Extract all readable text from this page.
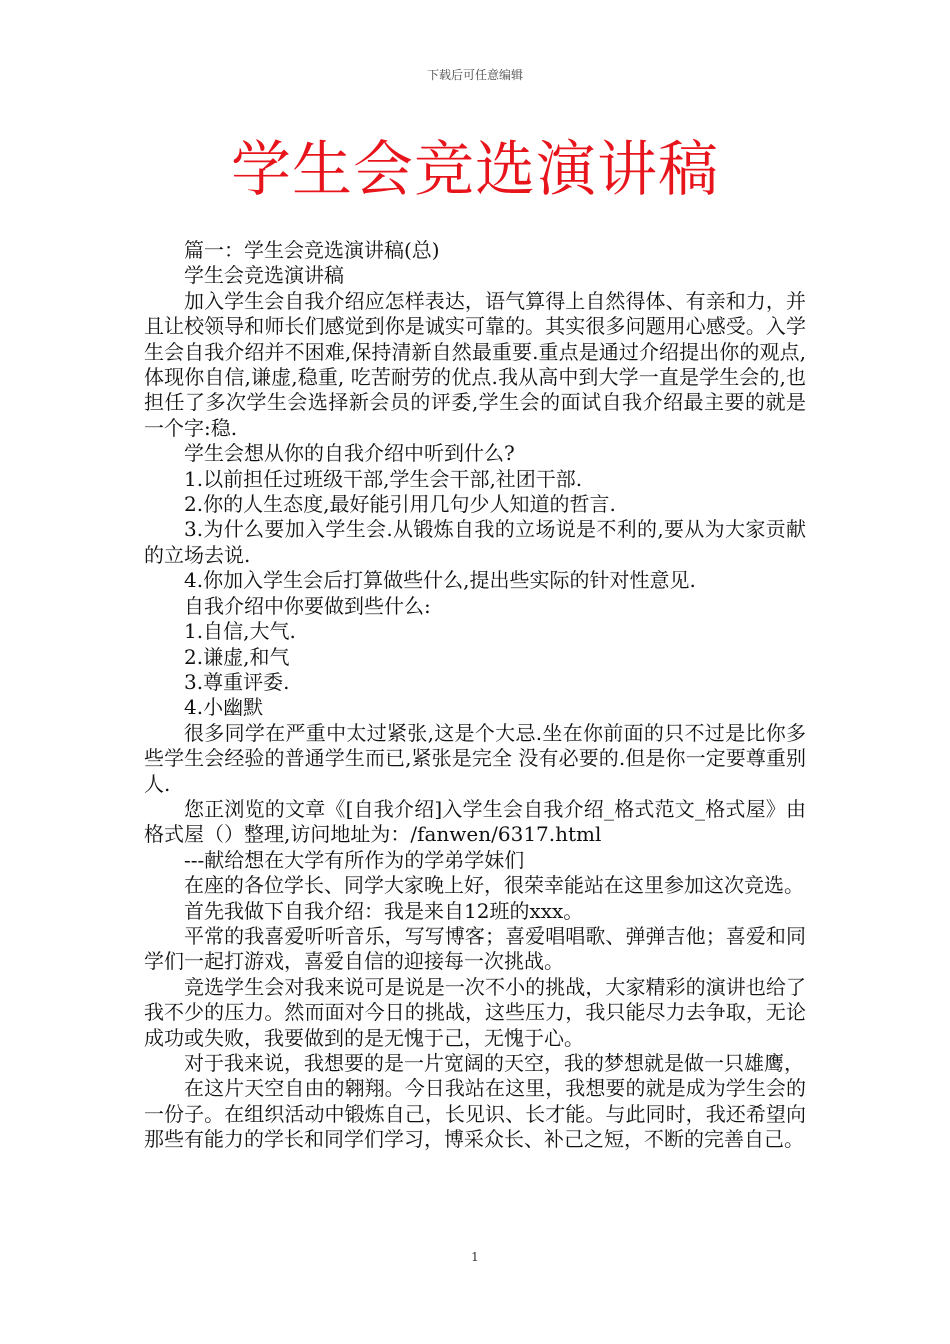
下载后可任意编辑
学生会竞选演讲稿

篇一：学生会竞选演讲稿(总)

学生会竞选演讲稿

加入学生会自我介绍应怎样表达，语气算得上自然得体、有亲和力，并且让校领导和师长们感觉到你是诚实可靠的。其实很多问题用心感受。入学生会自我介绍并不困难,保持清新自然最重要.重点是通过介绍提出你的观点,体现你自信,谦虚,稳重, 吃苦耐劳的优点.我从高中到大学一直是学生会的,也担任了多次学生会选择新会员的评委,学生会的面试自我介绍最主要的就是一个字:稳.

学生会想从你的自我介绍中听到什么?

1.以前担任过班级干部,学生会干部,社团干部.

2.你的人生态度,最好能引用几句少人知道的哲言.

3.为什么要加入学生会.从锻炼自我的立场说是不利的,要从为大家贡献的立场去说.

4.你加入学生会后打算做些什么,提出些实际的针对性意见.

自我介绍中你要做到些什么:

1.自信,大气.

2.谦虚,和气

3.尊重评委.

4.小幽默

很多同学在严重中太过紧张,这是个大忌.坐在你前面的只不过是比你多些学生会经验的普通学生而已,紧张是完全 没有必要的.但是你一定要尊重别人.

您正浏览的文章《[自我介绍]入学生会自我介绍_格式范文_格式屋》由格式屋（）整理,访问地址为：/fanwen/6317.html

---献给想在大学有所作为的学弟学妹们

在座的各位学长、同学大家晚上好，很荣幸能站在这里参加这次竞选。

首先我做下自我介绍：我是来自12班的xxx。

平常的我喜爱听听音乐，写写博客；喜爱唱唱歌、弹弹吉他；喜爱和同学们一起打游戏，喜爱自信的迎接每一次挑战。

竞选学生会对我来说可是说是一次不小的挑战，大家精彩的演讲也给了我不少的压力。然而面对今日的挑战，这些压力，我只能尽力去争取，无论成功或失败，我要做到的是无愧于己，无愧于心。

对于我来说，我想要的是一片宽阔的天空，我的梦想就是做一只雄鹰，

在这片天空自由的翱翔。今日我站在这里，我想要的就是成为学生会的一份子。在组织活动中锻炼自己，长见识、长才能。与此同时，我还希望向那些有能力的学长和同学们学习，博采众长、补己之短，不断的完善自己。

1
